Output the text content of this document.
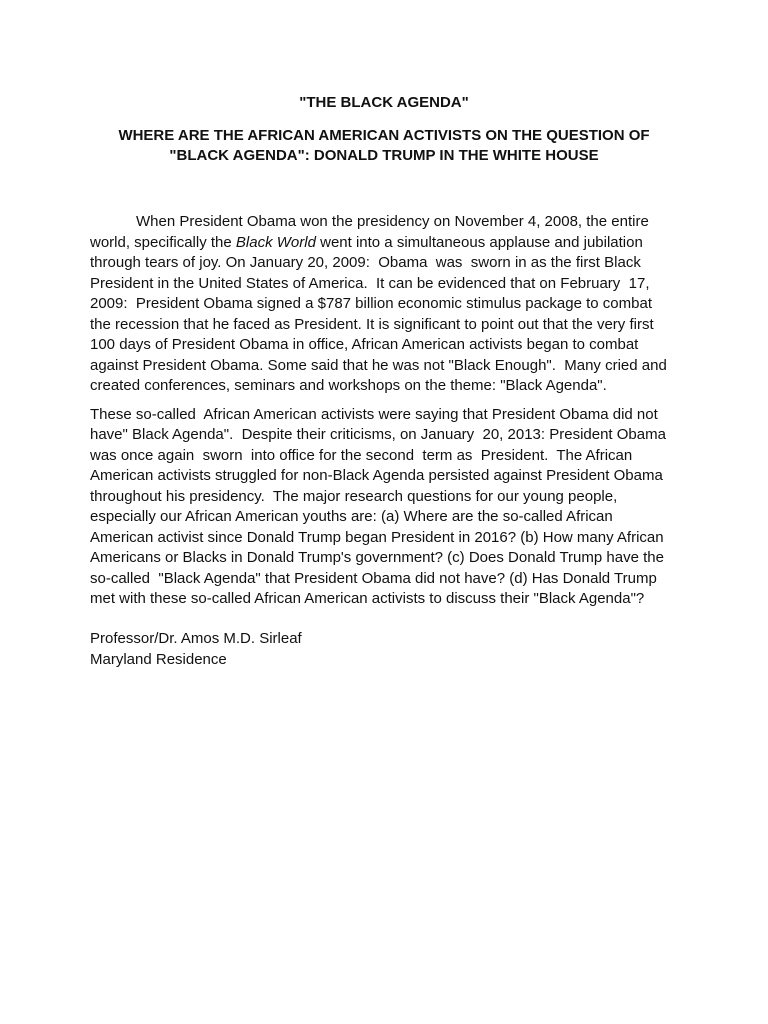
"THE BLACK AGENDA"
WHERE ARE THE AFRICAN AMERICAN ACTIVISTS ON THE QUESTION OF
"BLACK AGENDA": DONALD TRUMP IN THE WHITE HOUSE
When President Obama won the presidency on November 4, 2008, the entire
world, specifically the Black World went into a simultaneous applause and jubilation
through tears of joy. On January 20, 2009:  Obama  was  sworn in as the first Black
President in the United States of America.  It can be evidenced that on February  17,
2009:  President Obama signed a $787 billion economic stimulus package to combat
the recession that he faced as President. It is significant to point out that the very first
100 days of President Obama in office, African American activists began to combat
against President Obama. Some said that he was not "Black Enough".  Many cried and
created conferences, seminars and workshops on the theme: "Black Agenda".
These so-called  African American activists were saying that President Obama did not
have" Black Agenda".  Despite their criticisms, on January  20, 2013: President Obama
was once again  sworn  into office for the second  term as  President.  The African
American activists struggled for non-Black Agenda persisted against President Obama
throughout his presidency.  The major research questions for our young people,
especially our African American youths are: (a) Where are the so-called African
American activist since Donald Trump began President in 2016? (b) How many African
Americans or Blacks in Donald Trump's government? (c) Does Donald Trump have the
so-called  "Black Agenda" that President Obama did not have? (d) Has Donald Trump
met with these so-called African American activists to discuss their "Black Agenda"?
Professor/Dr. Amos M.D. Sirleaf
Maryland Residence
